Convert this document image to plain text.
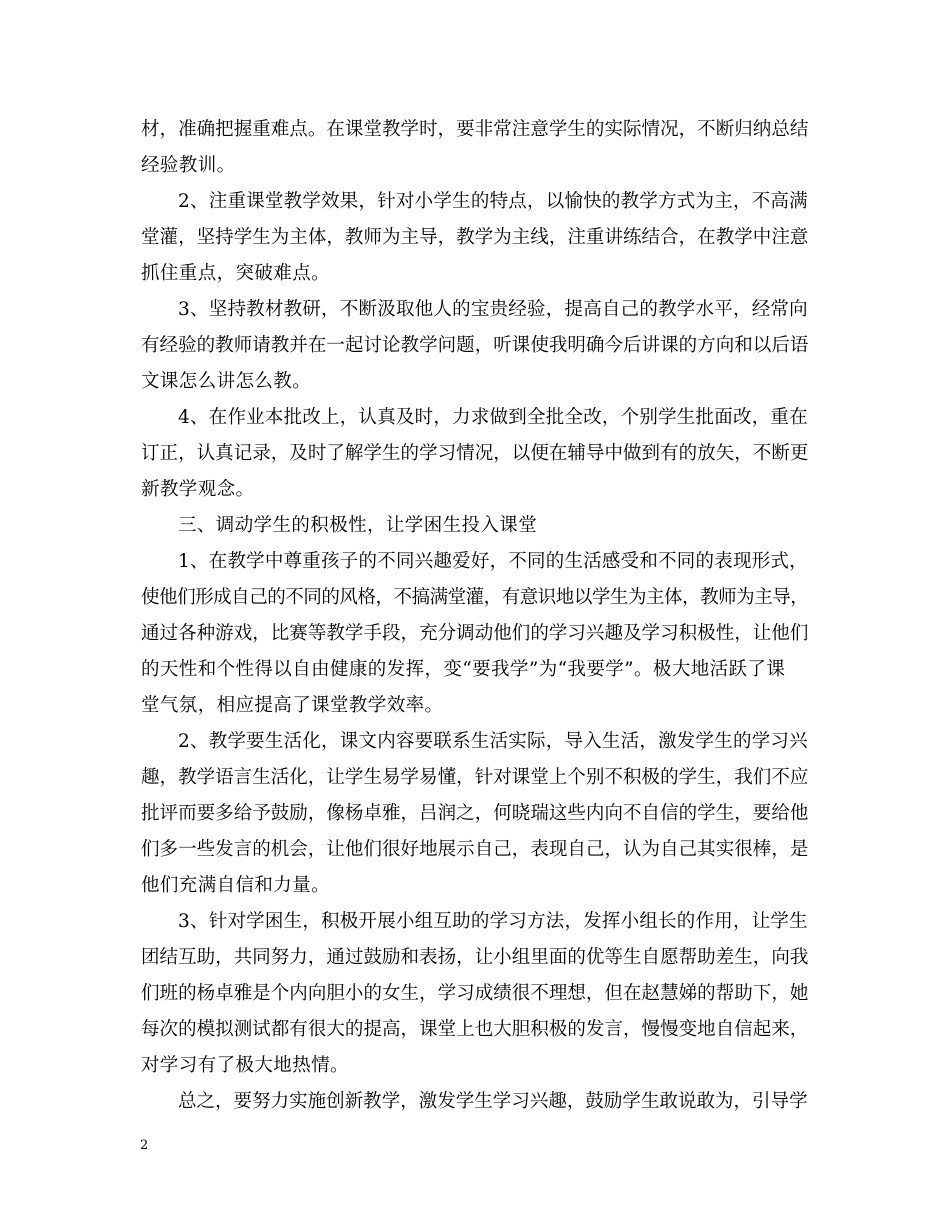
材，准确把握重难点。在课堂教学时，要非常注意学生的实际情况，不断归纳总结
经验教训。
2、注重课堂教学效果，针对小学生的特点，以愉快的教学方式为主，不高满
堂灌，坚持学生为主体，教师为主导，教学为主线，注重讲练结合，在教学中注意
抓住重点，突破难点。
3、坚持教材教研，不断汲取他人的宝贵经验，提高自己的教学水平，经常向
有经验的教师请教并在一起讨论教学问题，听课使我明确今后讲课的方向和以后语
文课怎么讲怎么教。
4、在作业本批改上，认真及时，力求做到全批全改，个别学生批面改，重在
订正，认真记录，及时了解学生的学习情况，以便在辅导中做到有的放矢，不断更
新教学观念。
三、调动学生的积极性，让学困生投入课堂
1、在教学中尊重孩子的不同兴趣爱好，不同的生活感受和不同的表现形式，
使他们形成自己的不同的风格，不搞满堂灌，有意识地以学生为主体，教师为主导，
通过各种游戏，比赛等教学手段，充分调动他们的学习兴趣及学习积极性，让他们
的天性和个性得以自由健康的发挥，变“要我学”为“我要学”。极大地活跃了课
堂气氛，相应提高了课堂教学效率。
2、教学要生活化，课文内容要联系生活实际，导入生活，激发学生的学习兴
趣，教学语言生活化，让学生易学易懂，针对课堂上个别不积极的学生，我们不应
批评而要多给予鼓励，像杨卓雅，吕润之，何晓瑞这些内向不自信的学生，要给他
们多一些发言的机会，让他们很好地展示自己，表现自己，认为自己其实很棒，是
他们充满自信和力量。
3、针对学困生，积极开展小组互助的学习方法，发挥小组长的作用，让学生
团结互助，共同努力，通过鼓励和表扬，让小组里面的优等生自愿帮助差生，向我
们班的杨卓雅是个内向胆小的女生，学习成绩很不理想，但在赵慧娣的帮助下，她
每次的模拟测试都有很大的提高，课堂上也大胆积极的发言，慢慢变地自信起来，
对学习有了极大地热情。
总之，要努力实施创新教学，激发学生学习兴趣，鼓励学生敢说敢为，引导学
2
